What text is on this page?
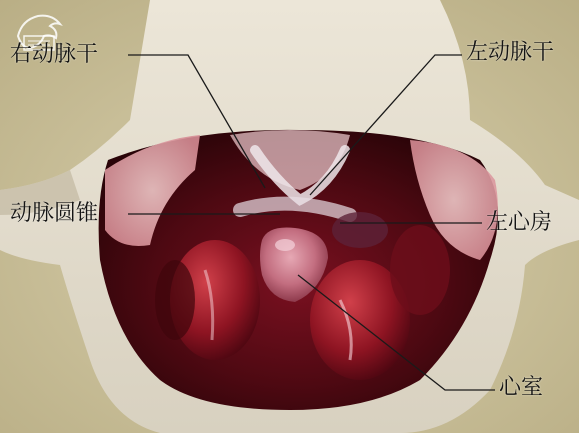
右动脉干	左动脉干
动脉圆锥	左心房
心室
